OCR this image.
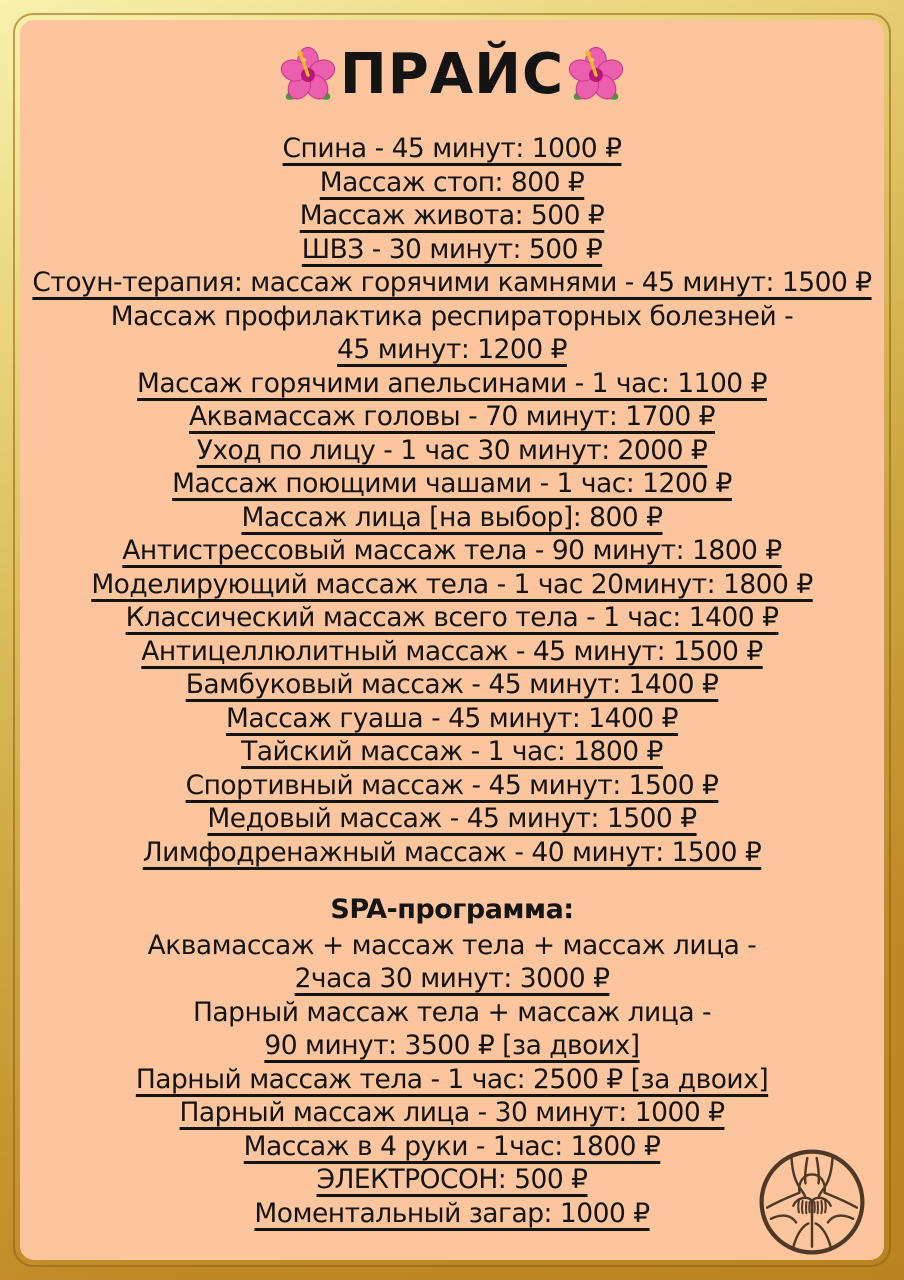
ПРАЙС
Спина - 45 минут: 1000 ₽
Массаж стоп: 800 ₽
Массаж живота: 500 ₽
ШВЗ - 30 минут: 500 ₽
Стоун-терапия: массаж горячими камнями - 45 минут: 1500 ₽
Массаж профилактика респираторных болезней -
45 минут: 1200 ₽
Массаж горячими апельсинами - 1 час: 1100 ₽
Аквамассаж головы - 70 минут: 1700 ₽
Уход по лицу - 1 час 30 минут: 2000 ₽
Массаж поющими чашами - 1 час: 1200 ₽
Массаж лица [на выбор]: 800 ₽
Антистрессовый массаж тела - 90 минут: 1800 ₽
Моделирующий массаж тела - 1 час 20минут: 1800 ₽
Классический массаж всего тела - 1 час: 1400 ₽
Антицеллюлитный массаж - 45 минут: 1500 ₽
Бамбуковый массаж - 45 минут: 1400 ₽
Массаж гуаша - 45 минут: 1400 ₽
Тайский массаж - 1 час: 1800 ₽
Спортивный массаж - 45 минут: 1500 ₽
Медовый массаж - 45 минут: 1500 ₽
Лимфодренажный массаж - 40 минут: 1500 ₽
SPA-программа:
Аквамассаж + массаж тела + массаж лица -
2часа 30 минут: 3000 ₽
Парный массаж тела + массаж лица -
90 минут: 3500 ₽ [за двоих]
Парный массаж тела - 1 час: 2500 ₽ [за двоих]
Парный массаж лица - 30 минут: 1000 ₽
Массаж в 4 руки - 1час: 1800 ₽
ЭЛЕКТРОСОН: 500 ₽
Моментальный загар: 1000 ₽
